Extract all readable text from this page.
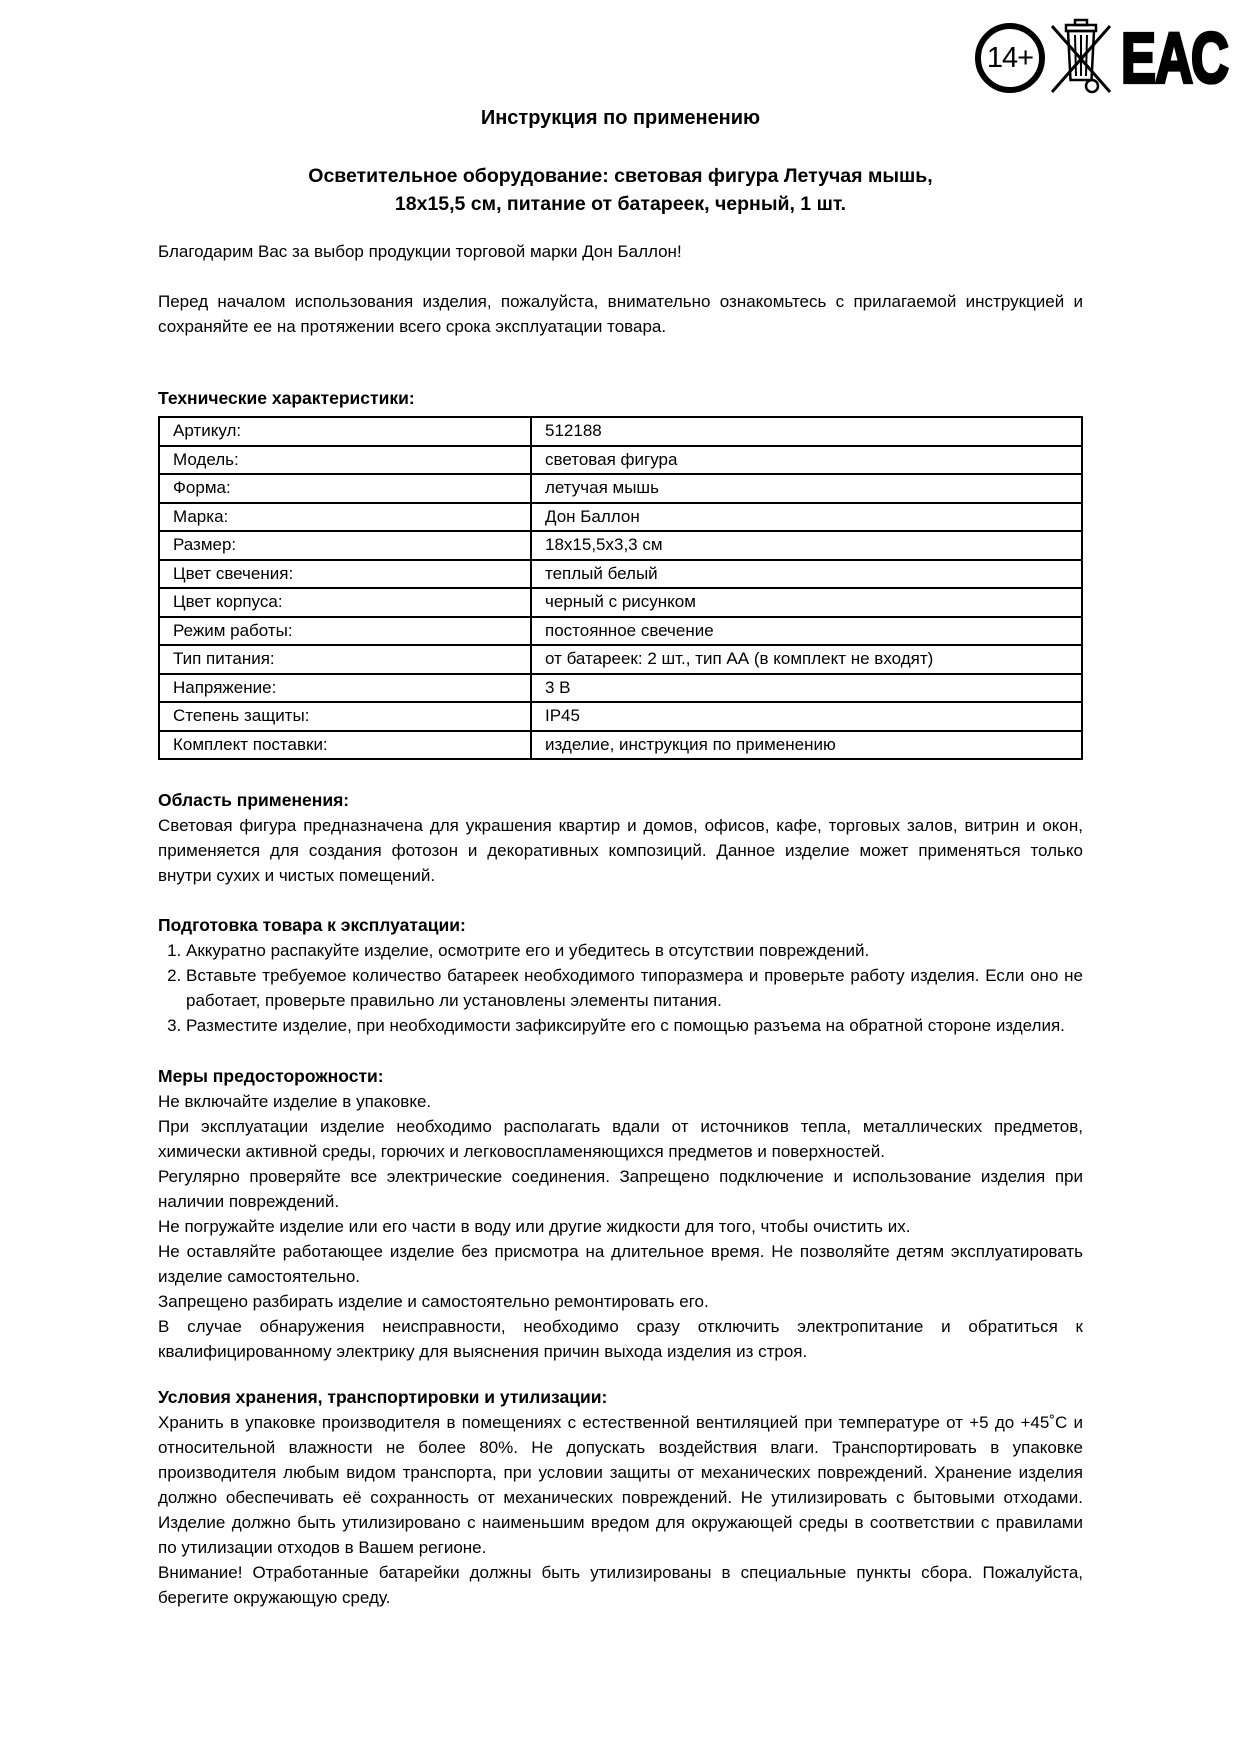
14+ ЕАС
Инструкция по применению
Осветительное оборудование: световая фигура Летучая мышь,
18х15,5 см, питание от батареек, черный, 1 шт.

Благодарим Вас за выбор продукции торговой марки Дон Баллон!

Перед началом использования изделия, пожалуйста, внимательно ознакомьтесь с прилагаемой инструкцией и сохраняйте ее на протяжении всего срока эксплуатации товара.

Технические характеристики:
Артикул:	512188
Модель:	световая фигура
Форма:	летучая мышь
Марка:	Дон Баллон
Размер:	18х15,5х3,3 см
Цвет свечения:	теплый белый
Цвет корпуса:	черный с рисунком
Режим работы:	постоянное свечение
Тип питания:	от батареек: 2 шт., тип АА (в комплект не входят)
Напряжение:	3 В
Степень защиты:	IP45
Комплект поставки:	изделие, инструкция по применению
Область применения:

Световая фигура предназначена для украшения квартир и домов, офисов, кафе, торговых залов, витрин и окон, применяется для создания фотозон и декоративных композиций. Данное изделие может применяться только внутри сухих и чистых помещений.

Подготовка товара к эксплуатации:
1. Аккуратно распакуйте изделие, осмотрите его и убедитесь в отсутствии повреждений.
2. Вставьте требуемое количество батареек необходимого типоразмера и проверьте работу изделия. Если оно не работает, проверьте правильно ли установлены элементы питания.
3. Разместите изделие, при необходимости зафиксируйте его с помощью разъема на обратной стороне изделия.
Меры предосторожности:

Не включайте изделие в упаковке.

При эксплуатации изделие необходимо располагать вдали от источников тепла, металлических предметов, химически активной среды, горючих и легковоспламеняющихся предметов и поверхностей.

Регулярно проверяйте все электрические соединения. Запрещено подключение и использование изделия при наличии повреждений.

Не погружайте изделие или его части в воду или другие жидкости для того, чтобы очистить их.

Не оставляйте работающее изделие без присмотра на длительное время. Не позволяйте детям эксплуатировать изделие самостоятельно.

Запрещено разбирать изделие и самостоятельно ремонтировать его.

В случае обнаружения неисправности, необходимо сразу отключить электропитание и обратиться к квалифицированному электрику для выяснения причин выхода изделия из строя.

Условия хранения, транспортировки и утилизации:

Хранить в упаковке производителя в помещениях с естественной вентиляцией при температуре от +5 до +45˚С и относительной влажности не более 80%. Не допускать воздействия влаги. Транспортировать в упаковке производителя любым видом транспорта, при условии защиты от механических повреждений. Хранение изделия должно обеспечивать её сохранность от механических повреждений. Не утилизировать с бытовыми отходами. Изделие должно быть утилизировано с наименьшим вредом для окружающей среды в соответствии с правилами по утилизации отходов в Вашем регионе.

Внимание! Отработанные батарейки должны быть утилизированы в специальные пункты сбора. Пожалуйста, берегите окружающую среду.
